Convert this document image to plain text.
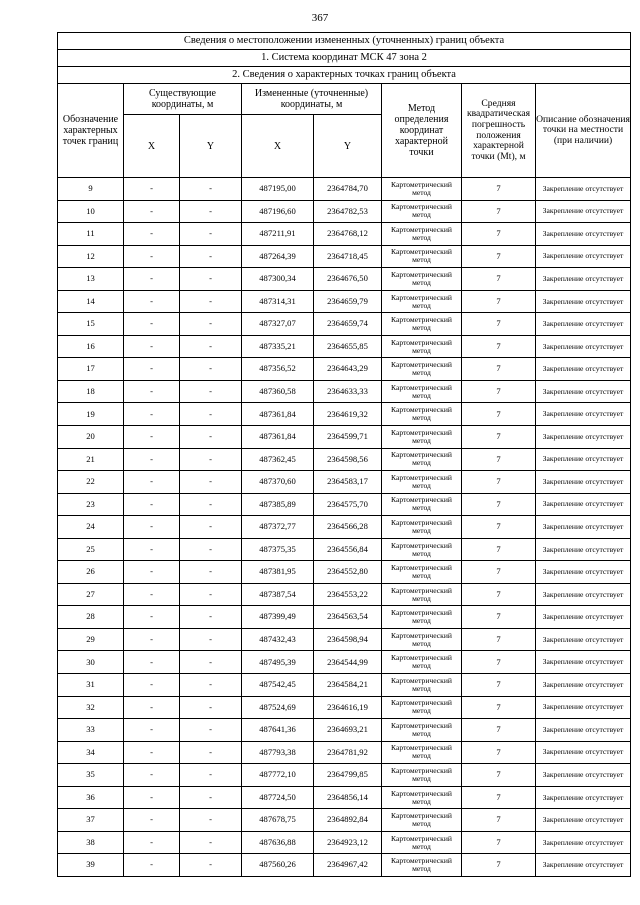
367
Сведения о местоположении измененных (уточненных) границ объекта							
1. Система координат МСК 47 зона 2							
2. Сведения о характерных точках границ объекта							
Обозначение характерных точек границ	Существующие координаты, м		Измененные (уточненные) координаты, м		Метод определения координат характерной точки	Средняя квадратическая погрешность положения характерной точки (Mt), м	Описание обозначения точки на местности (при наличии)
	X	Y	X	Y			
9	-	-	487195,00	2364784,70	Картометрический метод	7	Закрепление отсутствует
10	-	-	487196,60	2364782,53	Картометрический метод	7	Закрепление отсутствует
11	-	-	487211,91	2364768,12	Картометрический метод	7	Закрепление отсутствует
12	-	-	487264,39	2364718,45	Картометрический метод	7	Закрепление отсутствует
13	-	-	487300,34	2364676,50	Картометрический метод	7	Закрепление отсутствует
14	-	-	487314,31	2364659,79	Картометрический метод	7	Закрепление отсутствует
15	-	-	487327,07	2364659,74	Картометрический метод	7	Закрепление отсутствует
16	-	-	487335,21	2364655,85	Картометрический метод	7	Закрепление отсутствует
17	-	-	487356,52	2364643,29	Картометрический метод	7	Закрепление отсутствует
18	-	-	487360,58	2364633,33	Картометрический метод	7	Закрепление отсутствует
19	-	-	487361,84	2364619,32	Картометрический метод	7	Закрепление отсутствует
20	-	-	487361,84	2364599,71	Картометрический метод	7	Закрепление отсутствует
21	-	-	487362,45	2364598,56	Картометрический метод	7	Закрепление отсутствует
22	-	-	487370,60	2364583,17	Картометрический метод	7	Закрепление отсутствует
23	-	-	487385,89	2364575,70	Картометрический метод	7	Закрепление отсутствует
24	-	-	487372,77	2364566,28	Картометрический метод	7	Закрепление отсутствует
25	-	-	487375,35	2364556,84	Картометрический метод	7	Закрепление отсутствует
26	-	-	487381,95	2364552,80	Картометрический метод	7	Закрепление отсутствует
27	-	-	487387,54	2364553,22	Картометрический метод	7	Закрепление отсутствует
28	-	-	487399,49	2364563,54	Картометрический метод	7	Закрепление отсутствует
29	-	-	487432,43	2364598,94	Картометрический метод	7	Закрепление отсутствует
30	-	-	487495,39	2364544,99	Картометрический метод	7	Закрепление отсутствует
31	-	-	487542,45	2364584,21	Картометрический метод	7	Закрепление отсутствует
32	-	-	487524,69	2364616,19	Картометрический метод	7	Закрепление отсутствует
33	-	-	487641,36	2364693,21	Картометрический метод	7	Закрепление отсутствует
34	-	-	487793,38	2364781,92	Картометрический метод	7	Закрепление отсутствует
35	-	-	487772,10	2364799,85	Картометрический метод	7	Закрепление отсутствует
36	-	-	487724,50	2364856,14	Картометрический метод	7	Закрепление отсутствует
37	-	-	487678,75	2364892,84	Картометрический метод	7	Закрепление отсутствует
38	-	-	487636,88	2364923,12	Картометрический метод	7	Закрепление отсутствует
39	-	-	487560,26	2364967,42	Картометрический метод	7	Закрепление отсутствует
